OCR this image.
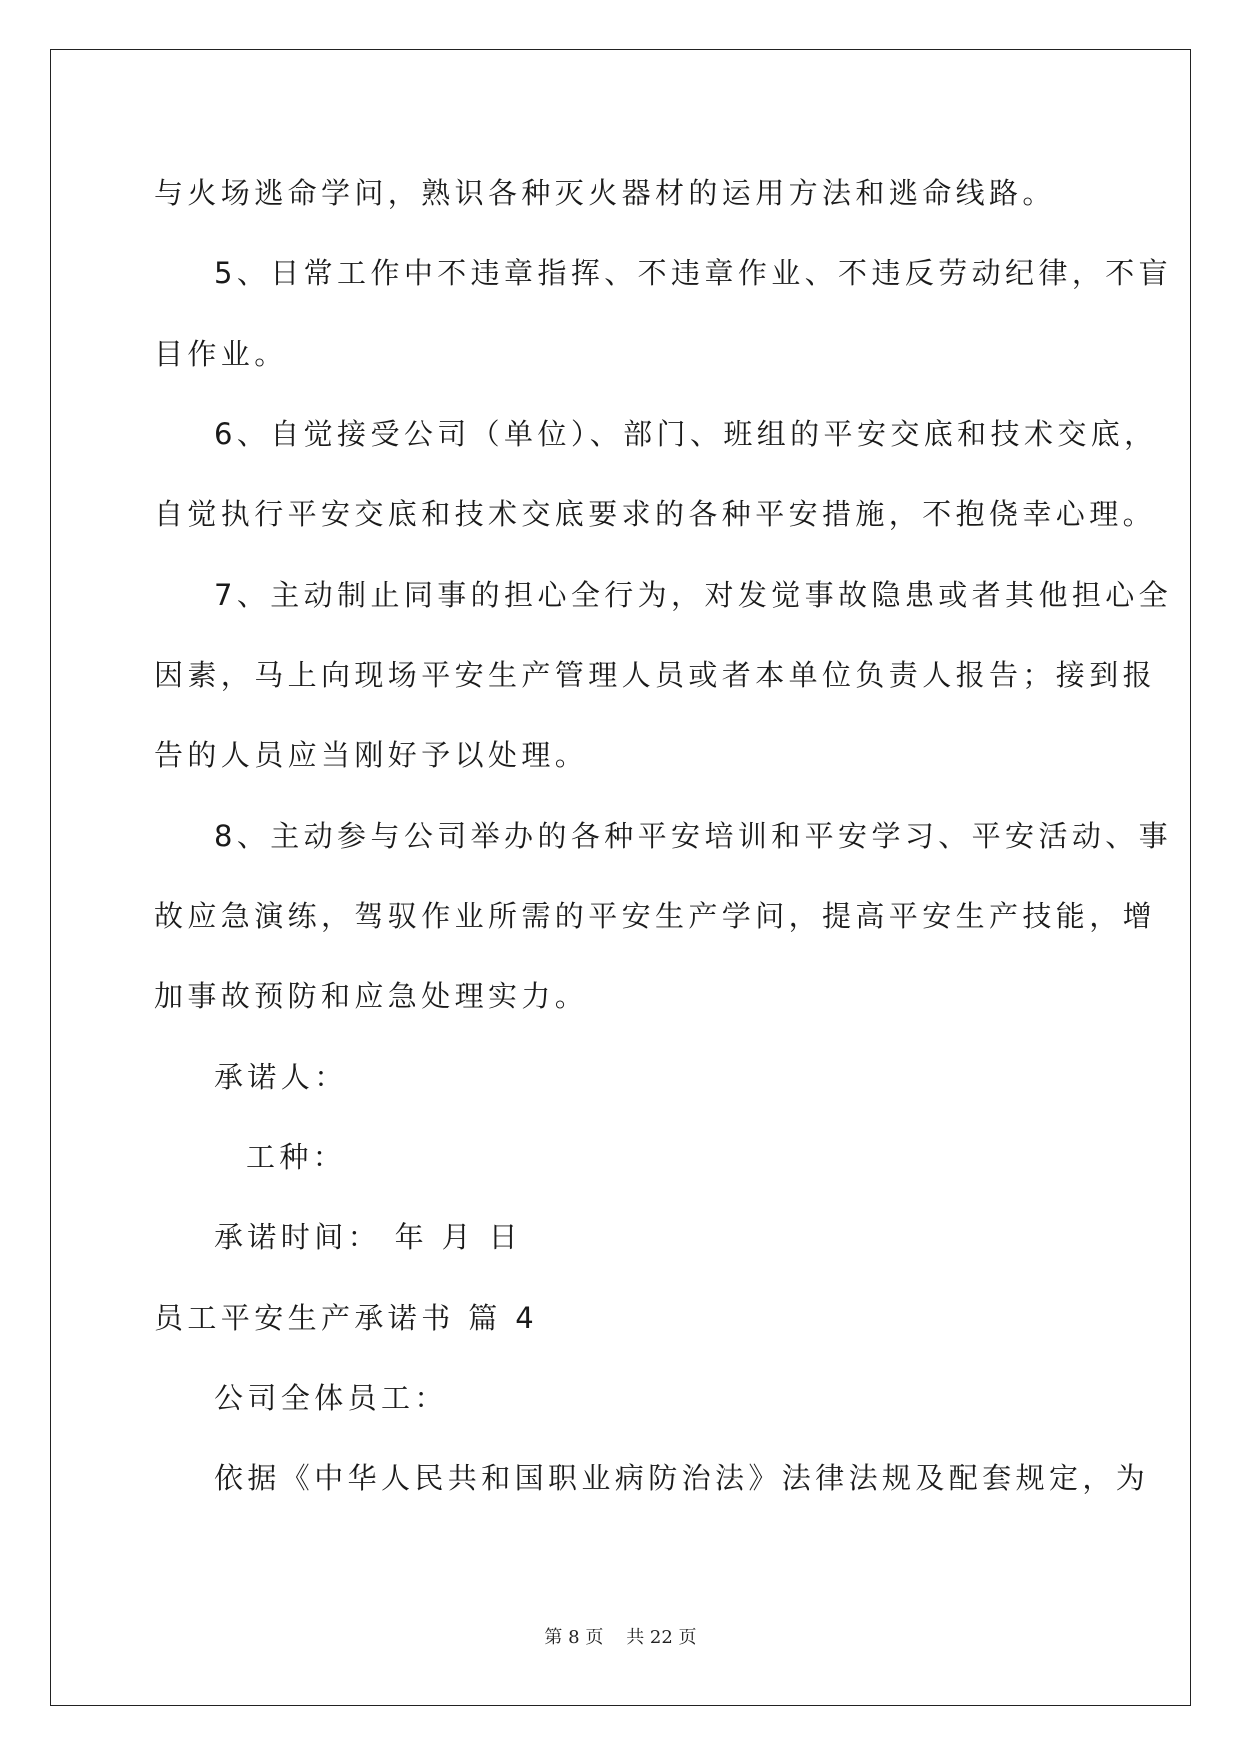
与火场逃命学问，熟识各种灭火器材的运用方法和逃命线路。
5、日常工作中不违章指挥、不违章作业、不违反劳动纪律，不盲
目作业。
6、自觉接受公司（单位）、部门、班组的平安交底和技术交底，
自觉执行平安交底和技术交底要求的各种平安措施，不抱侥幸心理。
7、主动制止同事的担心全行为，对发觉事故隐患或者其他担心全
因素，马上向现场平安生产管理人员或者本单位负责人报告；接到报
告的人员应当刚好予以处理。
8、主动参与公司举办的各种平安培训和平安学习、平安活动、事
故应急演练，驾驭作业所需的平安生产学问，提高平安生产技能，增
加事故预防和应急处理实力。
承诺人：
工种：
承诺时间： 年 月 日
员工平安生产承诺书 篇 4
公司全体员工：
依据《中华人民共和国职业病防治法》法律法规及配套规定，为
第 8 页    共 22 页
